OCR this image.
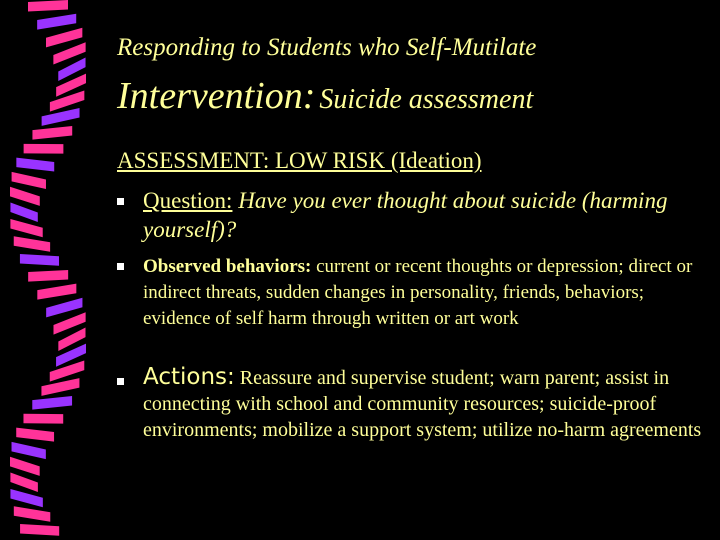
Responding to Students who Self-Mutilate
Intervention: Suicide assessment
ASSESSMENT: LOW RISK (Ideation)
Question: Have you ever thought about suicide (harming yourself)?
Observed behaviors: current or recent thoughts or depression; direct or indirect threats, sudden changes in personality, friends, behaviors; evidence of self harm through written or art work
Actions: Reassure and supervise student; warn parent; assist in connecting with school and community resources; suicide-proof environments; mobilize a support system; utilize no-harm agreements
